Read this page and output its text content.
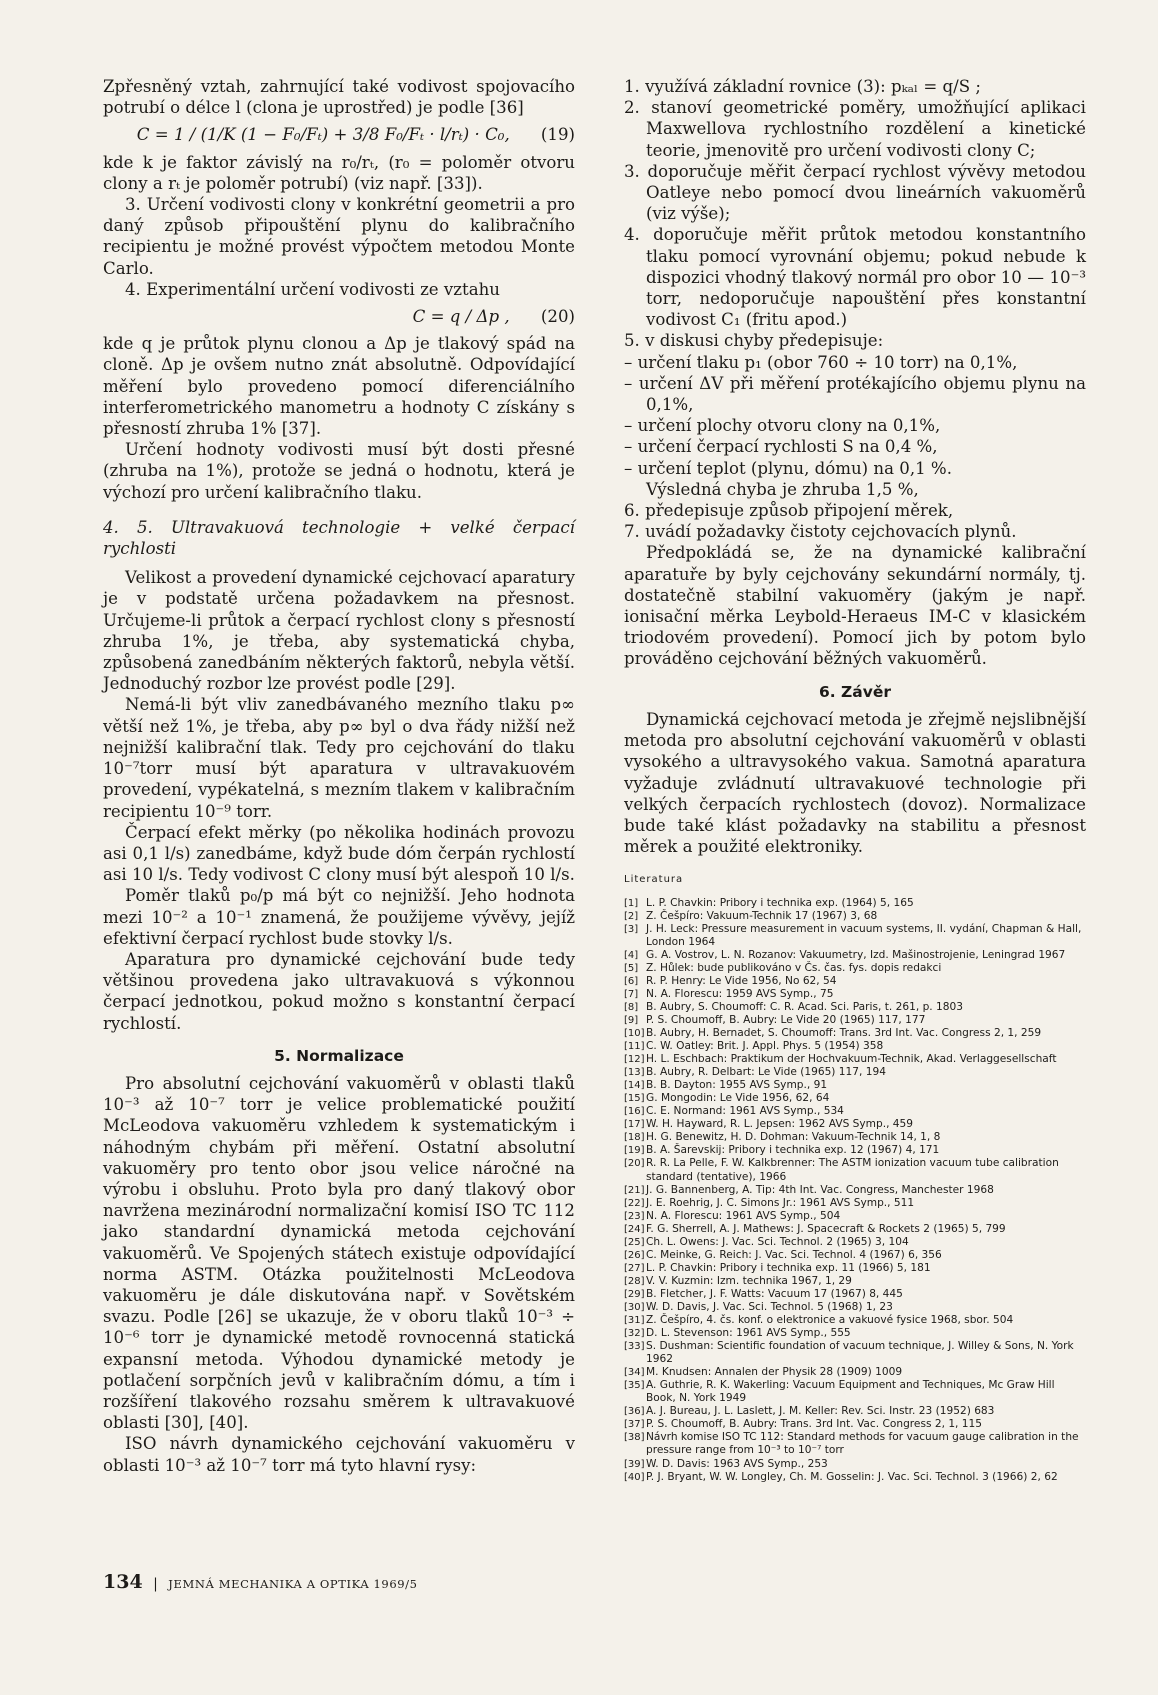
Zpřesněný vztah, zahrnující také vodivost spojovacího potrubí o délce l (clona je uprostřed) je podle [36]

C = 1 / (1/K (1 − F₀/Fₜ) + 3/8 F₀/Fₜ · l/rₜ) · C₀, (19)

kde k je faktor závislý na r₀/rₜ, (r₀ = poloměr otvoru clony a rₜ je poloměr potrubí) (viz např. [33]).

3. Určení vodivosti clony v konkrétní geometrii a pro daný způsob připouštění plynu do kalibračního recipientu je možné provést výpočtem metodou Monte Carlo.

4. Experimentální určení vodivosti ze vztahu

C = q / Δp , (20)

kde q je průtok plynu clonou a Δp je tlakový spád na cloně. Δp je ovšem nutno znát absolutně. Odpovídající měření bylo provedeno pomocí diferenciálního interferometrického manometru a hodnoty C získány s přesností zhruba 1% [37].

Určení hodnoty vodivosti musí být dosti přesné (zhruba na 1%), protože se jedná o hodnotu, která je výchozí pro určení kalibračního tlaku.

4. 5. Ultravakuová technologie + velké čerpací rychlosti

Velikost a provedení dynamické cejchovací aparatury je v podstatě určena požadavkem na přesnost. Určujeme-li průtok a čerpací rychlost clony s přesností zhruba 1%, je třeba, aby systematická chyba, způsobená zanedbáním některých faktorů, nebyla větší. Jednoduchý rozbor lze provést podle [29].

Nemá-li být vliv zanedbávaného mezního tlaku p∞ větší než 1%, je třeba, aby p∞ byl o dva řády nižší než nejnižší kalibrační tlak. Tedy pro cejchování do tlaku 10⁻⁷torr musí být aparatura v ultravakuovém provedení, vypékatelná, s mezním tlakem v kalibračním recipientu 10⁻⁹ torr.

Čerpací efekt měrky (po několika hodinách provozu asi 0,1 l/s) zanedbáme, když bude dóm čerpán rychlostí asi 10 l/s. Tedy vodivost C clony musí být alespoň 10 l/s.

Poměr tlaků p₀/p má být co nejnižší. Jeho hodnota mezi 10⁻² a 10⁻¹ znamená, že použijeme vývěvy, jejíž efektivní čerpací rychlost bude stovky l/s.

Aparatura pro dynamické cejchování bude tedy většinou provedena jako ultravakuová s výkonnou čerpací jednotkou, pokud možno s konstantní čerpací rychlostí.

5. Normalizace

Pro absolutní cejchování vakuoměrů v oblasti tlaků 10⁻³ až 10⁻⁷ torr je velice problematické použití McLeodova vakuoměru vzhledem k systematickým i náhodným chybám při měření. Ostatní absolutní vakuoměry pro tento obor jsou velice náročné na výrobu i obsluhu. Proto byla pro daný tlakový obor navržena mezinárodní normalizační komisí ISO TC 112 jako standardní dynamická metoda cejchování vakuoměrů. Ve Spojených státech existuje odpovídající norma ASTM. Otázka použitelnosti McLeodova vakuoměru je dále diskutována např. v Sovětském svazu. Podle [26] se ukazuje, že v oboru tlaků 10⁻³ ÷ 10⁻⁶ torr je dynamické metodě rovnocenná statická expansní metoda. Výhodou dynamické metody je potlačení sorpčních jevů v kalibračním dómu, a tím i rozšíření tlakového rozsahu směrem k ultravakuové oblasti [30], [40].

ISO návrh dynamického cejchování vakuoměru v oblasti 10⁻³ až 10⁻⁷ torr má tyto hlavní rysy:

1. využívá základní rovnice (3): pₖₐₗ = q/S ;
2. stanoví geometrické poměry, umožňující aplikaci Maxwellova rychlostního rozdělení a kinetické teorie, jmenovitě pro určení vodivosti clony C;
3. doporučuje měřit čerpací rychlost vývěvy metodou Oatleye nebo pomocí dvou lineárních vakuoměrů (viz výše);
4. doporučuje měřit průtok metodou konstantního tlaku pomocí vyrovnání objemu; pokud nebude k dispozici vhodný tlakový normál pro obor 10 — 10⁻³ torr, nedoporučuje napouštění přes konstantní vodivost C₁ (fritu apod.)
5. v diskusi chyby předepisuje:

– určení tlaku p₁ (obor 760 ÷ 10 torr) na 0,1%,

– určení ΔV při měření protékajícího objemu plynu na 0,1%,

– určení plochy otvoru clony na 0,1%,

– určení čerpací rychlosti S na 0,4 %,

– určení teplot (plynu, dómu) na 0,1 %.

Výsledná chyba je zhruba 1,5 %,

6. předepisuje způsob připojení měrek,
7. uvádí požadavky čistoty cejchovacích plynů.

Předpokládá se, že na dynamické kalibrační aparatuře by byly cejchovány sekundární normály, tj. dostatečně stabilní vakuoměry (jakým je např. ionisační měrka Leybold-Heraeus IM-C v klasickém triodovém provedení). Pomocí jich by potom bylo prováděno cejchování běžných vakuoměrů.

6. Závěr

Dynamická cejchovací metoda je zřejmě nejslibnější metoda pro absolutní cejchování vakuoměrů v oblasti vysokého a ultravysokého vakua. Samotná aparatura vyžaduje zvládnutí ultravakuové technologie při velkých čerpacích rychlostech (dovoz). Normalizace bude také klást požadavky na stabilitu a přesnost měrek a použité elektroniky.

Literatura
[1] L. P. Chavkin: Pribory i technika exp. (1964) 5, 165
[2] Z. Češpíro: Vakuum-Technik 17 (1967) 3, 68
[3] J. H. Leck: Pressure measurement in vacuum systems, II. vydání, Chapman & Hall, London 1964
[4] G. A. Vostrov, L. N. Rozanov: Vakuumetry, Izd. Mašinostrojenie, Leningrad 1967
[5] Z. Hůlek: bude publikováno v Čs. čas. fys. dopis redakci
[6] R. P. Henry: Le Vide 1956, No 62, 54
[7] N. A. Florescu: 1959 AVS Symp., 75
[8] B. Aubry, S. Choumoff: C. R. Acad. Sci. Paris, t. 261, p. 1803
[9] P. S. Choumoff, B. Aubry: Le Vide 20 (1965) 117, 177
[10]B. Aubry, H. Bernadet, S. Choumoff: Trans. 3rd Int. Vac. Congress 2, 1, 259
[11]C. W. Oatley: Brit. J. Appl. Phys. 5 (1954) 358
[12]H. L. Eschbach: Praktikum der Hochvakuum-Technik, Akad. Verlaggesellschaft
[13]B. Aubry, R. Delbart: Le Vide (1965) 117, 194
[14]B. B. Dayton: 1955 AVS Symp., 91
[15]G. Mongodin: Le Vide 1956, 62, 64
[16]C. E. Normand: 1961 AVS Symp., 534
[17]W. H. Hayward, R. L. Jepsen: 1962 AVS Symp., 459
[18]H. G. Benewitz, H. D. Dohman: Vakuum-Technik 14, 1, 8
[19]B. A. Šarevskij: Pribory i technika exp. 12 (1967) 4, 171
[20]R. R. La Pelle, F. W. Kalkbrenner: The ASTM ionization vacuum tube calibration standard (tentative), 1966
[21]J. G. Bannenberg, A. Tip: 4th Int. Vac. Congress, Manchester 1968
[22]J. E. Roehrig, J. C. Simons Jr.: 1961 AVS Symp., 511
[23]N. A. Florescu: 1961 AVS Symp., 504
[24]F. G. Sherrell, A. J. Mathews: J. Spacecraft & Rockets 2 (1965) 5, 799
[25]Ch. L. Owens: J. Vac. Sci. Technol. 2 (1965) 3, 104
[26]C. Meinke, G. Reich: J. Vac. Sci. Technol. 4 (1967) 6, 356
[27]L. P. Chavkin: Pribory i technika exp. 11 (1966) 5, 181
[28]V. V. Kuzmin: Izm. technika 1967, 1, 29
[29]B. Fletcher, J. F. Watts: Vacuum 17 (1967) 8, 445
[30]W. D. Davis, J. Vac. Sci. Technol. 5 (1968) 1, 23
[31]Z. Češpíro, 4. čs. konf. o elektronice a vakuové fysice 1968, sbor. 504
[32]D. L. Stevenson: 1961 AVS Symp., 555
[33]S. Dushman: Scientific foundation of vacuum technique, J. Willey & Sons, N. York 1962
[34]M. Knudsen: Annalen der Physik 28 (1909) 1009
[35]A. Guthrie, R. K. Wakerling: Vacuum Equipment and Techniques, Mc Graw Hill Book, N. York 1949
[36]A. J. Bureau, J. L. Laslett, J. M. Keller: Rev. Sci. Instr. 23 (1952) 683
[37]P. S. Choumoff, B. Aubry: Trans. 3rd Int. Vac. Congress 2, 1, 115
[38]Návrh komise ISO TC 112: Standard methods for vacuum gauge calibration in the pressure range from 10⁻³ to 10⁻⁷ torr
[39]W. D. Davis: 1963 AVS Symp., 253
[40]P. J. Bryant, W. W. Longley, Ch. M. Gosselin: J. Vac. Sci. Technol. 3 (1966) 2, 62
134 | JEMNÁ MECHANIKA A OPTIKA 1969/5
